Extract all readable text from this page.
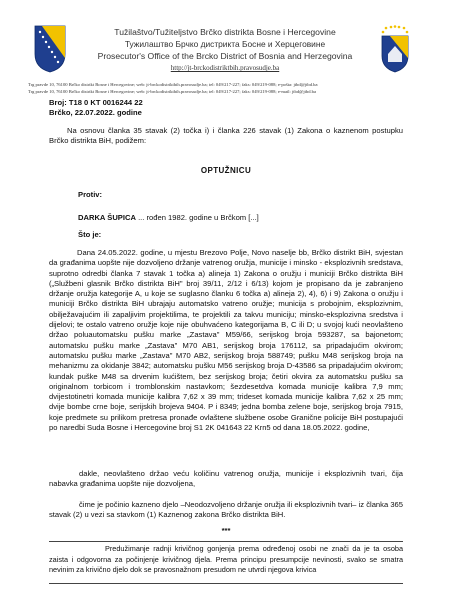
Tužilaštvo/Tužiteljstvo Brčko distrikta Bosne i Hercegovine
Тужилаштво Брчко дистрикта Босне и Херцеговине
Prosecutor's Office of the Brcko District of Bosnia and Herzegovina
http://jt-brckodistriktbih.pravosudje.ba
Trg pravde 10, 76100 Brčko distrikt Bosne i Hercegovine; web: jt-brckodistriktbih.pravosudje.ba; tel: 049/217-227; faks: 049/219-088; e-pošta: jtbd@jtbd.ba
Trg pravde 10, 76100 Brčko distrikt Bosne i Hercegovine; web: jt-brckodistriktbih.pravosudje.ba; tel: 049/217-227; faks: 049/219-088; e-mail: jtbd@jtbd.ba
Broj: T18 0 KT 0016244 22
Brčko, 22.07.2022. godine
Na osnovu članka 35 stavak (2) točka i) i članka 226 stavak (1) Zakona o kaznenom postupku Brčko distrikta BiH, podižem:
OPTUŽNICU
Protiv:
DARKA ŠUPICA ... rođen 1982. godine u Brčkom [...]
Što je:
Dana 24.05.2022. godine, u mjestu Brezovo Polje, Novo naselje bb, Brčko distrikt BiH, svjestan da građanima uopšte nije dozvoljeno držanje vatrenog oružja, municije i minsko - eksplozivnih sredstava, suprotno odredbi članka 7 stavak 1 točka a) alineja 1) Zakona o oružju i municiji Brčko distrikta BiH („Službeni glasnik Brčko distrikta BiH" broj 39/11, 2/12 i 6/13) kojom je propisano da je zabranjeno držanje oružja kategorije A, u koje se suglasno članku 6 točka a) alineja 2), 4), 6) i 9) Zakona o oružju i municiji Brčko distrikta BiH ubrajaju automatsko vatreno oružje; municija s probojnim, eksplozivnim, obilježavajućim ili zapaljivim projektilima, te projektili za takvu municiju; minsko-eksplozivna sredstva i dijelovi; te ostalo vatreno oružje koje nije obuhvaćeno kategorijama B, C ili D; u svojoj kući neovlašteno držao poluautomatsku pušku marke „Zastava" M59/66, serijskog broja 593287, sa bajonetom; automatsku pušku marke „Zastava" M70 AB1, serijskog broja 176112, sa pripadajućim okvirom; automatsku pušku marke „Zastava" M70 AB2, serijskog broja 588749; pušku M48 serijskog broja na mehanizmu za okidanje 3842; automatsku pušku M56 serijskog broja D-43586 sa pripadajućim okvirom; kundak puške M48 sa drvenim kućištem, bez serijskog broja; četiri okvira za automatsku pušku sa originalnom torbicom i tromblonskim nastavkom; šezdesetdva komada municije kalibra 7,9 mm; dvijestotinetri komada municije kalibra 7,62 x 39 mm; trideset komada municije kalibra 7,62 x 25 mm; dvije bombe crne boje, serijskih brojeva 9404. P i 8349; jedna bomba zelene boje, serijskog broja 7915, koje predmete su prilikom pretresa pronađe ovlaštene službene osobe Granične policije BiH postupajući po naredbi Suda Bosne i Hercegovine broj S1 2K 041643 22 Krn5 od dana 18.05.2022. godine,
dakle, neovlašteno držao veću količinu vatrenog oružja, municije i eksplozivnih tvari, čija nabavka građanima uopšte nije dozvoljena,
čime je počinio kazneno djelo –Neodozvoljeno držanje oružja ili eksplozivnih tvari– iz članka 365 stavak (2) u vezi sa stavkom (1) Kaznenog zakona Brčko distrikta BiH.
***
Predužimanje radnji krivičnog gonjenja prema određenoj osobi ne znači da je ta osoba zaista i odgovorna za počinjenje krivičnog djela. Prema principu presumpcije nevinosti, svako se smatra nevinim za krivično djelo dok se pravosnažnom presudom ne utvrdi njegova krivica
